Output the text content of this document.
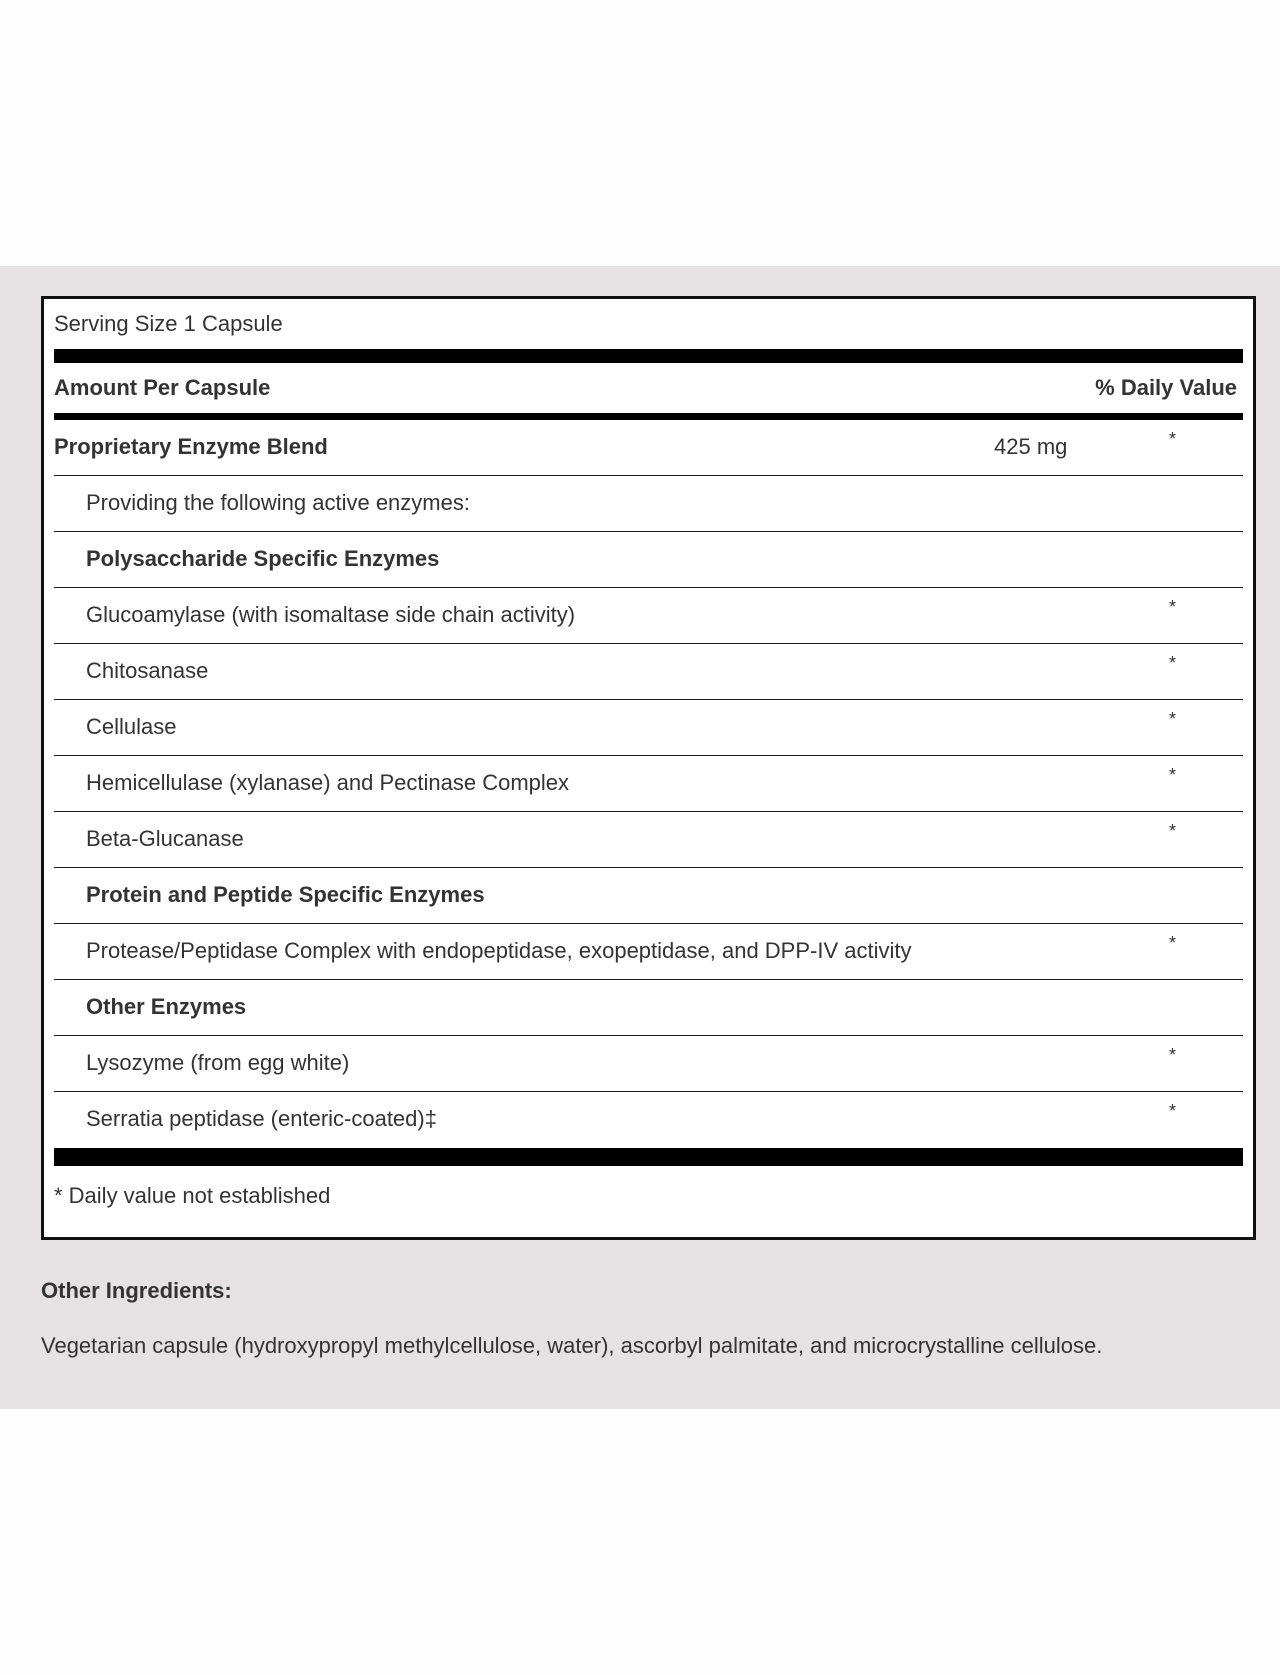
Serving Size 1 Capsule
Amount Per Capsule	% Daily Value
Proprietary Enzyme Blend	425 mg	*
Providing the following active enzymes:
Polysaccharide Specific Enzymes
Glucoamylase (with isomaltase side chain activity)	*
Chitosanase	*
Cellulase	*
Hemicellulase (xylanase) and Pectinase Complex	*
Beta-Glucanase	*
Protein and Peptide Specific Enzymes
Protease/Peptidase Complex with endopeptidase, exopeptidase, and DPP-IV activity	*
Other Enzymes
Lysozyme (from egg white)	*
Serratia peptidase (enteric-coated)‡	*
* Daily value not established
Other Ingredients:
Vegetarian capsule (hydroxypropyl methylcellulose, water), ascorbyl palmitate, and microcrystalline cellulose.
